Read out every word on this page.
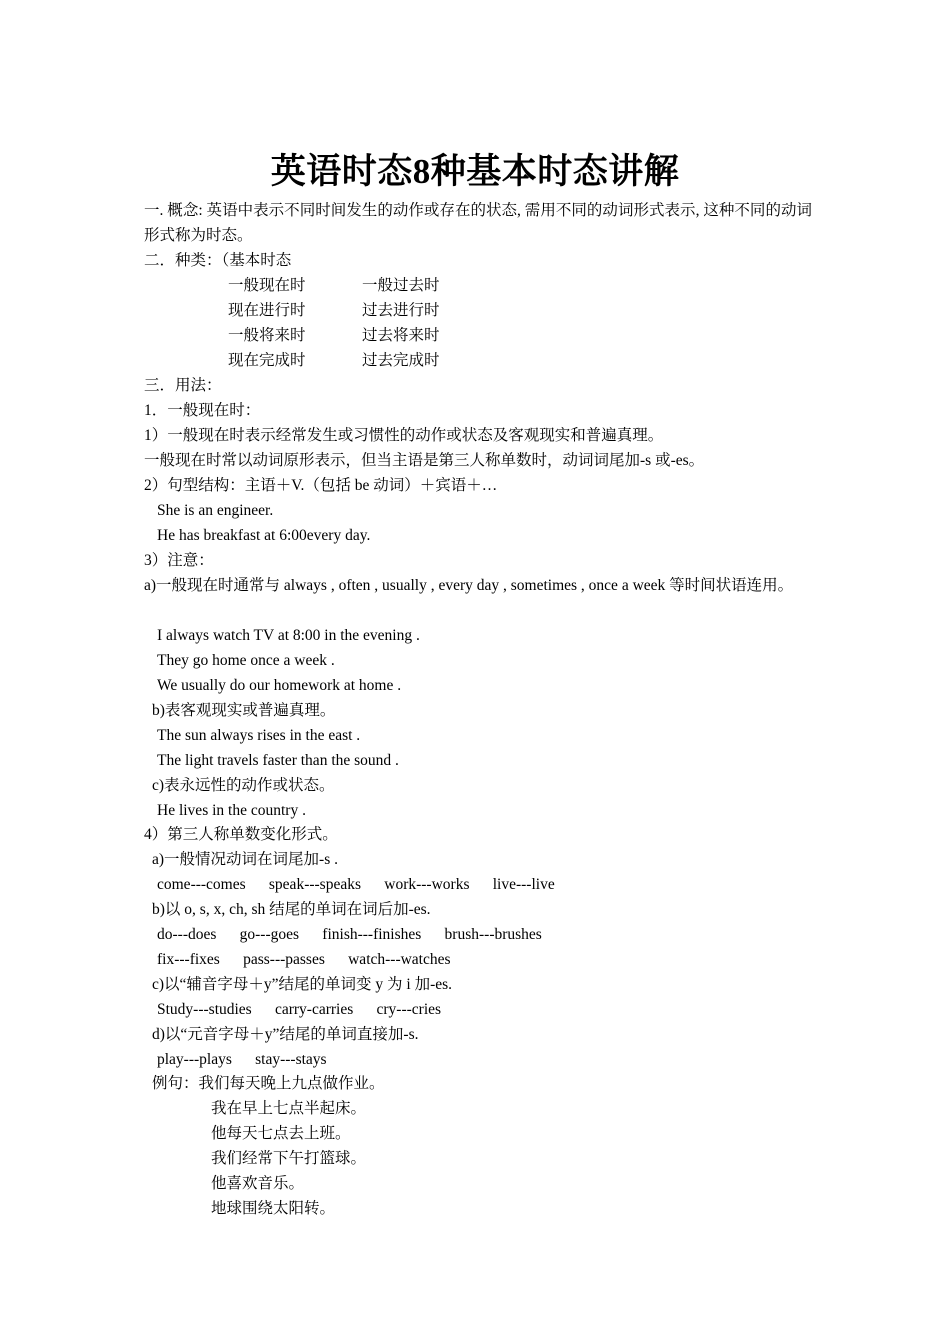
英语时态8种基本时态讲解
一. 概念: 英语中表示不同时间发生的动作或存在的状态, 需用不同的动词形式表示, 这种不同的动词形式称为时态。
二．种类：（基本时态
一般现在时	一般过去时
现在进行时	过去进行时
一般将来时	过去将来时
现在完成时	过去完成时
三．用法：
1．一般现在时：
1）一般现在时表示经常发生或习惯性的动作或状态及客观现实和普遍真理。
一般现在时常以动词原形表示，但当主语是第三人称单数时，动词词尾加-s 或-es。
2）句型结构：主语＋V.（包括 be 动词）＋宾语＋…
She is an engineer.
He has breakfast at 6:00every day.
3）注意：
a)一般现在时通常与 always , often , usually , every day , sometimes , once a week 等时间状语连用。
I always watch TV at 8:00 in the evening .
They go home once a week .
We usually do our homework at home .
b)表客观现实或普遍真理。
The sun always rises in the east .
The light travels faster than the sound .
c)表永远性的动作或状态。
He lives in the country .
4）第三人称单数变化形式。
a)一般情况动词在词尾加-s .
come---comes      speak---speaks      work---works      live---live
b)以 o, s, x, ch, sh 结尾的单词在词后加-es.
do---does      go---goes      finish---finishes      brush---brushes
fix---fixes      pass---passes      watch---watches
c)以“辅音字母＋y”结尾的单词变 y 为 i 加-es.
Study---studies      carry-carries      cry---cries
d)以“元音字母＋y”结尾的单词直接加-s.
play---plays      stay---stays
例句：我们每天晚上九点做作业。
我在早上七点半起床。
他每天七点去上班。
我们经常下午打篮球。
他喜欢音乐。
地球围绕太阳转。
